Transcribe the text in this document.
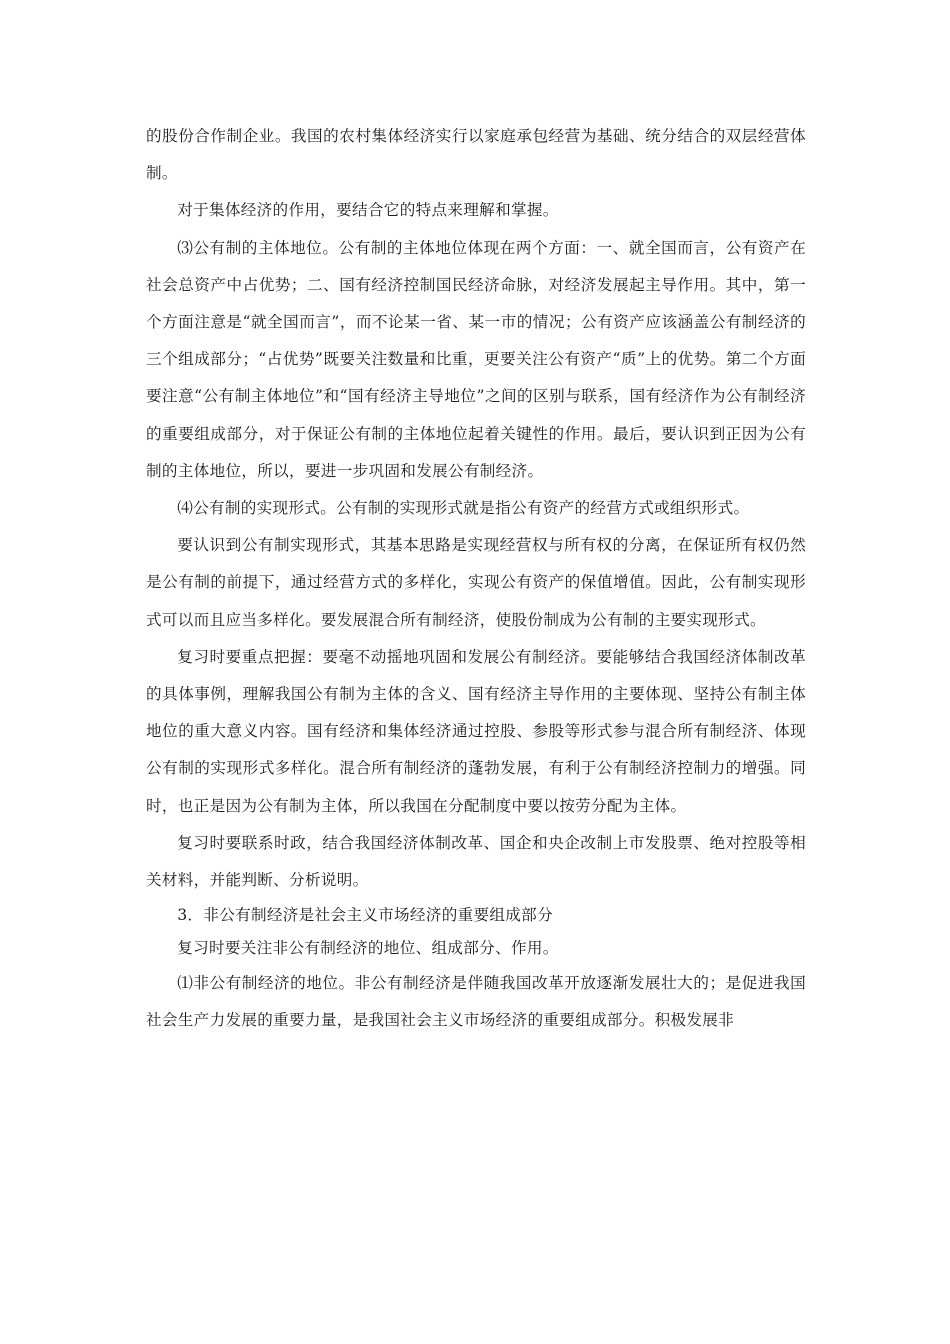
的股份合作制企业。我国的农村集体经济实行以家庭承包经营为基础、统分结合的双层经营体制。

对于集体经济的作用，要结合它的特点来理解和掌握。

⑶公有制的主体地位。公有制的主体地位体现在两个方面：一、就全国而言，公有资产在社会总资产中占优势；二、国有经济控制国民经济命脉，对经济发展起主导作用。其中，第一个方面注意是“就全国而言”，而不论某一省、某一市的情况；公有资产应该涵盖公有制经济的三个组成部分；“占优势”既要关注数量和比重，更要关注公有资产“质”上的优势。第二个方面要注意“公有制主体地位”和“国有经济主导地位”之间的区别与联系，国有经济作为公有制经济的重要组成部分，对于保证公有制的主体地位起着关键性的作用。最后，要认识到正因为公有制的主体地位，所以，要进一步巩固和发展公有制经济。

⑷公有制的实现形式。公有制的实现形式就是指公有资产的经营方式或组织形式。

要认识到公有制实现形式，其基本思路是实现经营权与所有权的分离，在保证所有权仍然是公有制的前提下，通过经营方式的多样化，实现公有资产的保值增值。因此，公有制实现形式可以而且应当多样化。要发展混合所有制经济，使股份制成为公有制的主要实现形式。

复习时要重点把握：要毫不动摇地巩固和发展公有制经济。要能够结合我国经济体制改革的具体事例，理解我国公有制为主体的含义、国有经济主导作用的主要体现、坚持公有制主体地位的重大意义内容。国有经济和集体经济通过控股、参股等形式参与混合所有制经济、体现公有制的实现形式多样化。混合所有制经济的蓬勃发展，有利于公有制经济控制力的增强。同时，也正是因为公有制为主体，所以我国在分配制度中要以按劳分配为主体。

复习时要联系时政，结合我国经济体制改革、国企和央企改制上市发股票、绝对控股等相关材料，并能判断、分析说明。

3．非公有制经济是社会主义市场经济的重要组成部分

复习时要关注非公有制经济的地位、组成部分、作用。

⑴非公有制经济的地位。非公有制经济是伴随我国改革开放逐渐发展壮大的；是促进我国社会生产力发展的重要力量，是我国社会主义市场经济的重要组成部分。积极发展非
